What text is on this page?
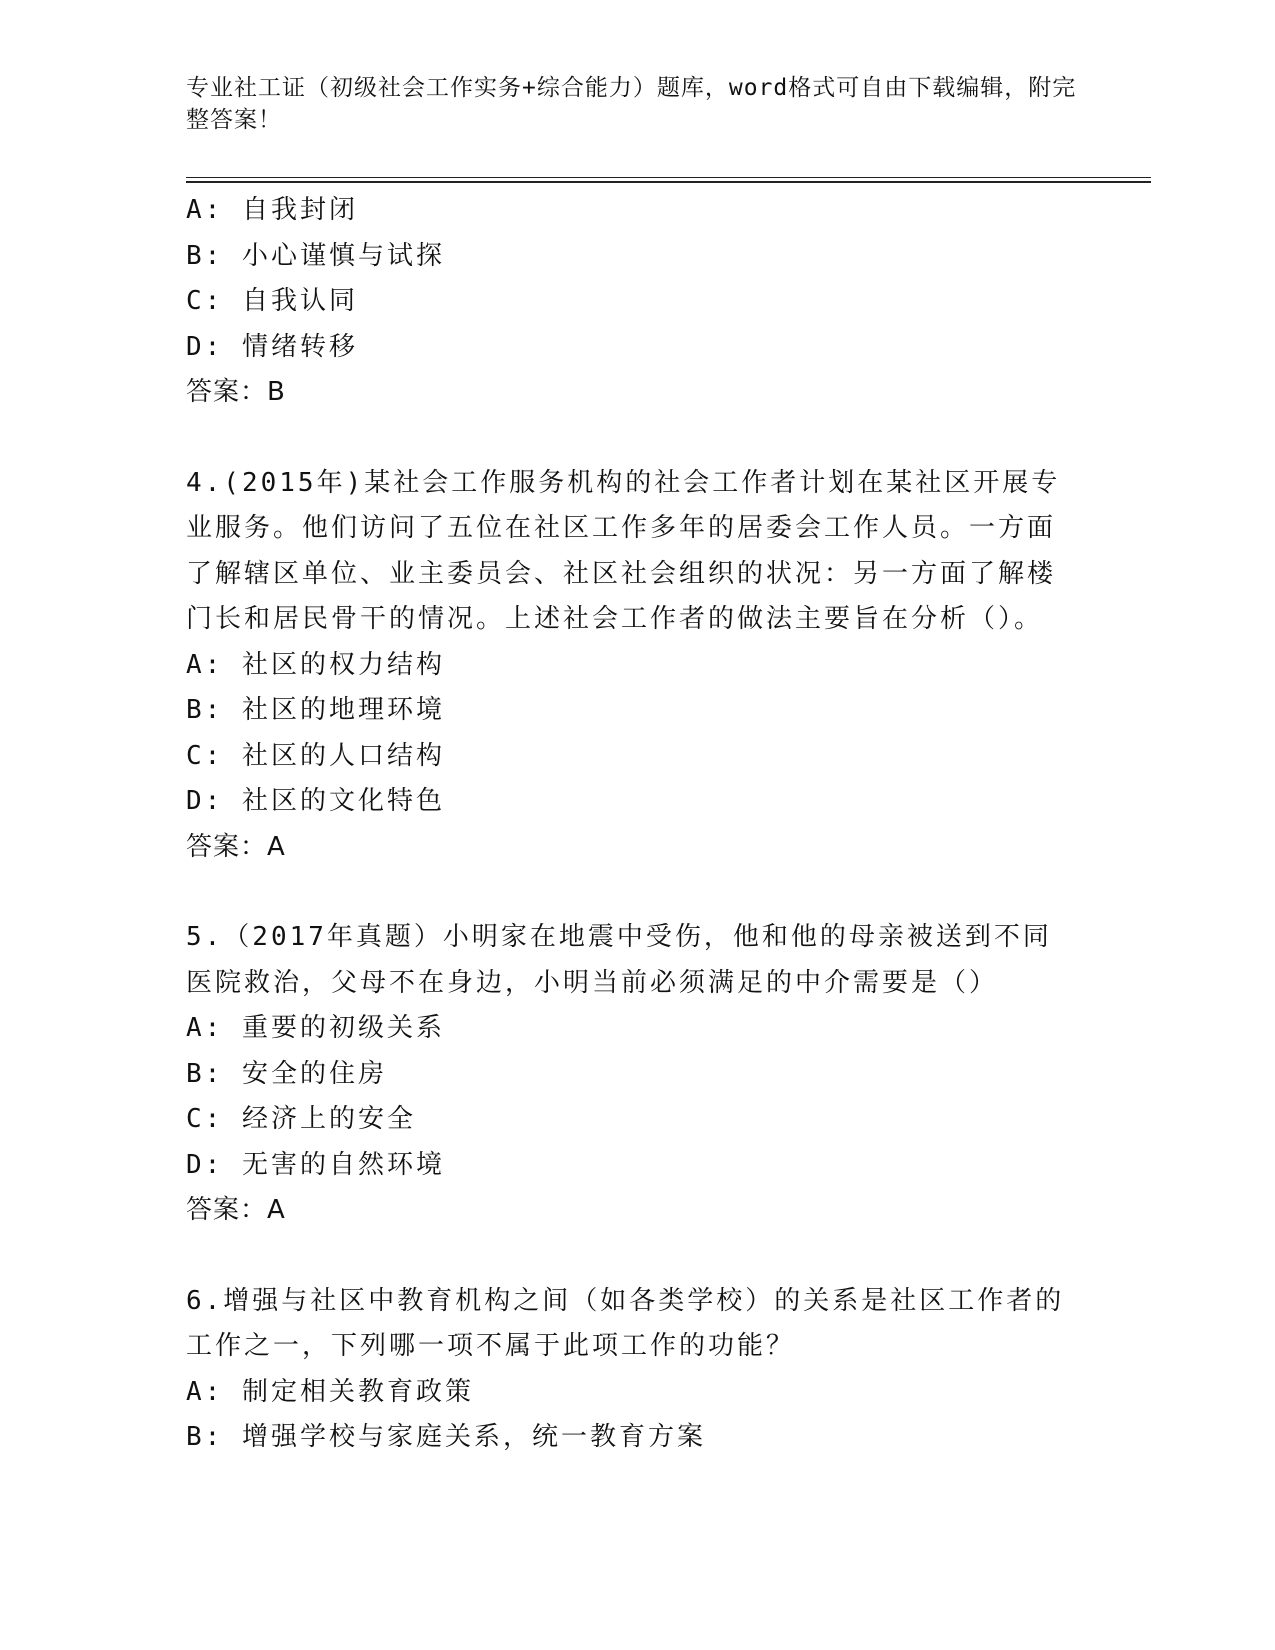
专业社工证（初级社会工作实务+综合能力）题库，word格式可自由下载编辑，附完整答案！
A: 自我封闭
B: 小心谨慎与试探
C: 自我认同
D: 情绪转移
答案：B
4.(2015年)某社会工作服务机构的社会工作者计划在某社区开展专业服务。他们访问了五位在社区工作多年的居委会工作人员。一方面了解辖区单位、业主委员会、社区社会组织的状况：另一方面了解楼门长和居民骨干的情况。上述社会工作者的做法主要旨在分析（）。
A: 社区的权力结构
B: 社区的地理环境
C: 社区的人口结构
D: 社区的文化特色
答案：A
5.（2017年真题）小明家在地震中受伤，他和他的母亲被送到不同医院救治，父母不在身边，小明当前必须满足的中介需要是（）
A: 重要的初级关系
B: 安全的住房
C: 经济上的安全
D: 无害的自然环境
答案：A
6.增强与社区中教育机构之间（如各类学校）的关系是社区工作者的工作之一，下列哪一项不属于此项工作的功能？
A: 制定相关教育政策
B: 增强学校与家庭关系，统一教育方案
